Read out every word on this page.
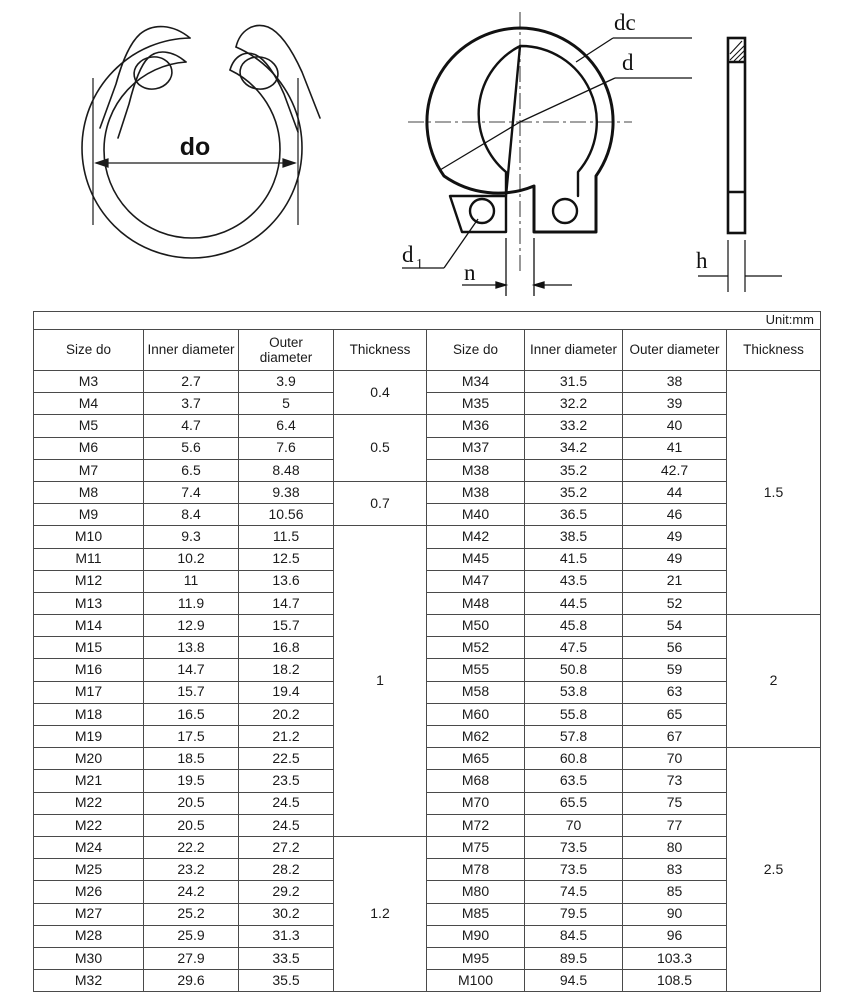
do
dc
d
d 1 n	h
Unit:mm							
Size do	Inner diameter	Outer
diameter	Thickness	Size do	Inner diameter	Outer diameter	Thickness
M3	2.7	3.9	0.4	M34	31.5	38	1.5
M4	3.7	5		M35	32.2	39	
M5	4.7	6.4	0.5	M36	33.2	40	
M6	5.6	7.6		M37	34.2	41	
M7	6.5	8.48		M38	35.2	42.7	
M8	7.4	9.38	0.7	M38	35.2	44	
M9	8.4	10.56		M40	36.5	46	
M10	9.3	11.5	1	M42	38.5	49	
M11	10.2	12.5		M45	41.5	49	
M12	11	13.6		M47	43.5	21	
M13	11.9	14.7		M48	44.5	52	
M14	12.9	15.7		M50	45.8	54	2
M15	13.8	16.8		M52	47.5	56	
M16	14.7	18.2		M55	50.8	59	
M17	15.7	19.4		M58	53.8	63	
M18	16.5	20.2		M60	55.8	65	
M19	17.5	21.2		M62	57.8	67	
M20	18.5	22.5		M65	60.8	70	2.5
M21	19.5	23.5		M68	63.5	73	
M22	20.5	24.5		M70	65.5	75	
M22	20.5	24.5		M72	70	77	
M24	22.2	27.2	1.2	M75	73.5	80	
M25	23.2	28.2		M78	73.5	83	
M26	24.2	29.2		M80	74.5	85	
M27	25.2	30.2		M85	79.5	90	
M28	25.9	31.3		M90	84.5	96	
M30	27.9	33.5		M95	89.5	103.3	
M32	29.6	35.5		M100	94.5	108.5	
